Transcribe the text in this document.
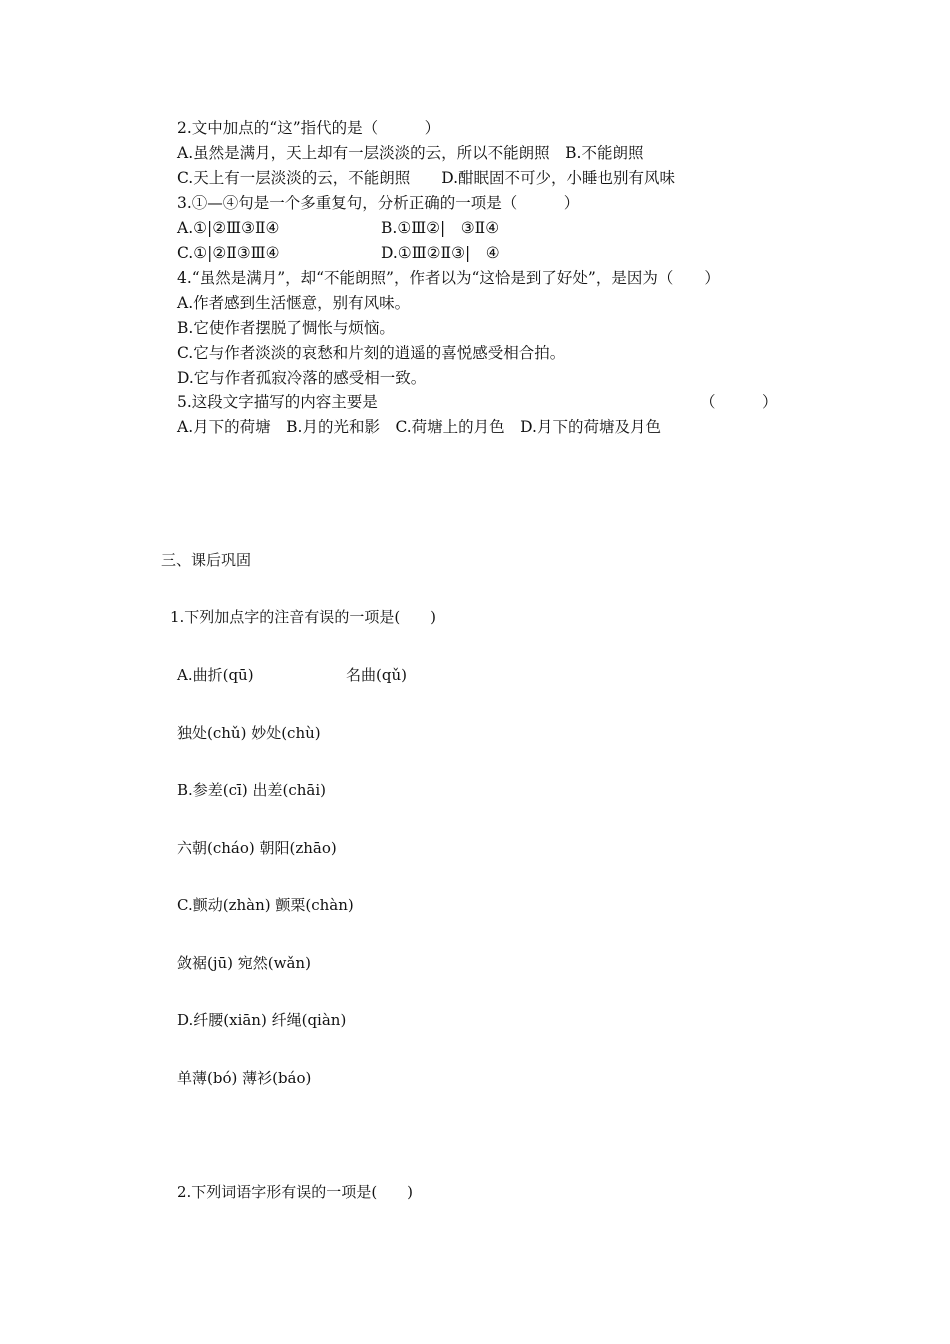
2.文中加点的“这”指代的是（　　　）
A.虽然是满月，天上却有一层淡淡的云，所以不能朗照　B.不能朗照
C.天上有一层淡淡的云，不能朗照　　D.酣眠固不可少，小睡也别有风味
3.①—④句是一个多重复句，分析正确的一项是（　　　）
A.①|②Ⅲ③Ⅱ④	B.①Ⅲ②|　③Ⅱ④
C.①|②Ⅱ③Ⅲ④	D.①Ⅲ②Ⅱ③|　④
4.“虽然是满月”，却“不能朗照”，作者以为“这恰是到了好处”，是因为（　　）
A.作者感到生活惬意，别有风味。
B.它使作者摆脱了惆怅与烦恼。
C.它与作者淡淡的哀愁和片刻的逍遥的喜悦感受相合拍。
D.它与作者孤寂冷落的感受相一致。
5.这段文字描写的内容主要是	（　　　）
A.月下的荷塘　B.月的光和影　C.荷塘上的月色　D.月下的荷塘及月色
三、课后巩固
1.下列加点字的注音有误的一项是(　　)
A.曲折(qū)	名曲(qǔ)
独处(chǔ) 妙处(chù)
B.参差(cī) 出差(chāi)
六朝(cháo) 朝阳(zhāo)
C.颤动(zhàn) 颤栗(chàn)
敛裾(jū) 宛然(wǎn)
D.纤腰(xiān) 纤绳(qiàn)
单薄(bó) 薄衫(báo)
2.下列词语字形有误的一项是(　　)
